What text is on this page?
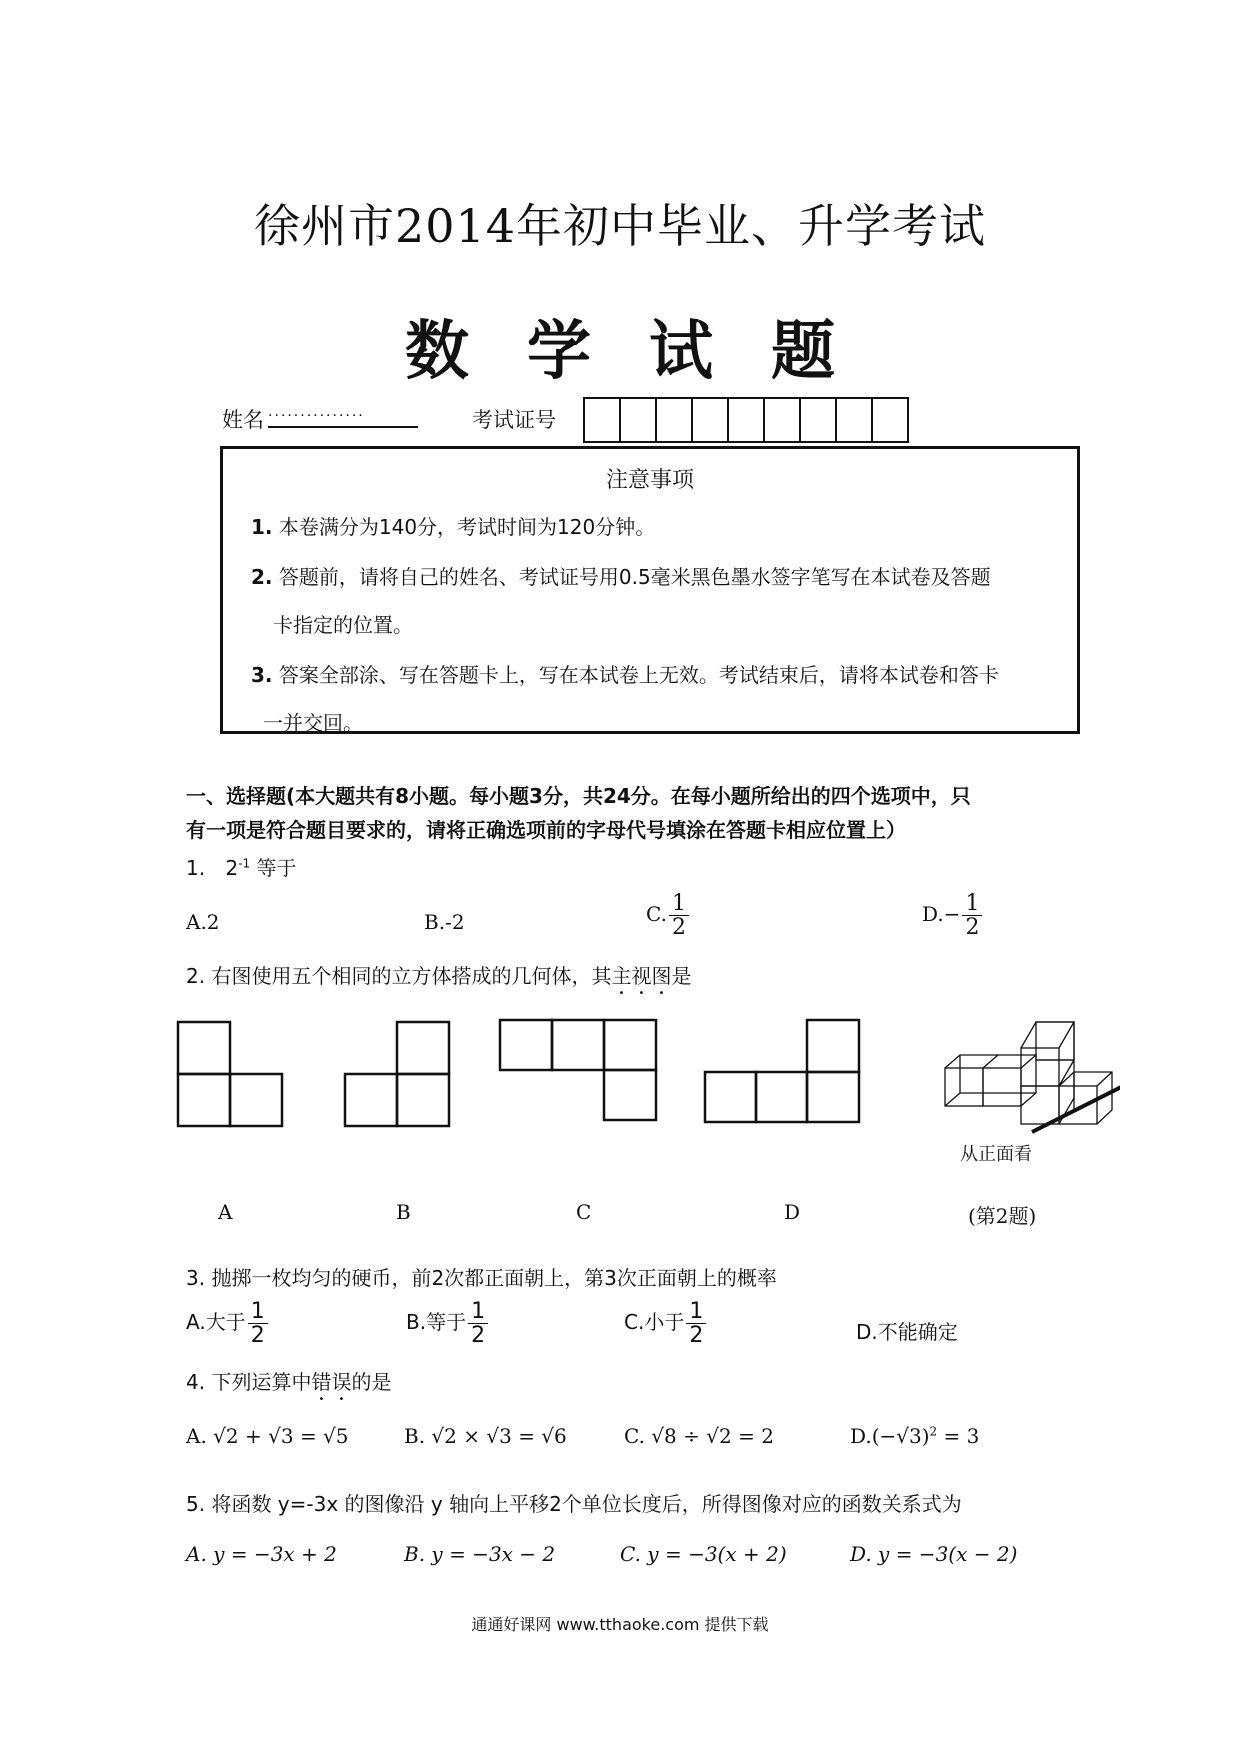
徐州市2014年初中毕业、升学考试
数学试题
姓名 ...............	考试证号
注意事项
1. 本卷满分为140分，考试时间为120分钟。
2. 答题前，请将自己的姓名、考试证号用0.5毫米黑色墨水签字笔写在本试卷及答题
卡指定的位置。
3. 答案全部涂、写在答题卡上，写在本试卷上无效。考试结束后，请将本试卷和答卡
一并交回。
一、选择题(本大题共有8小题。每小题3分，共24分。在每小题所给出的四个选项中，只
有一项是符合题目要求的，请将正确选项前的字母代号填涂在答题卡相应位置上）
1. $2^{-1}$ 等于
A.2	B.-2	C. $\frac{1}{2}$	$D.- \frac{1}{2}$
2. 右图使用五个相同的立方体搭成的几何体，其主视图是
从正面看
A	B	C	D	(第2题)
3. 抛掷一枚均匀的硬币，前2次都正面朝上，第3次正面朝上的概率
A.大于 $\frac{1}{2}$	B.等于 $\frac{1}{2}$	C.小于 $\frac{1}{2}$	D.不能确定
4. 下列运算中错误的是
A. √2 + √3 = √5	B. √2 × √3 = √6	C. √8 ÷ √2 = 2	$D.(-√3)^2 = 3$
5. 将函数 y=-3x 的图像沿 y 轴向上平移2个单位长度后，所得图像对应的函数关系式为
A. y = −3x + 2	B. y = −3x − 2	C. y = −3(x + 2)	D. y = −3(x − 2)
通通好课网 www.tthaoke.com 提供下载
